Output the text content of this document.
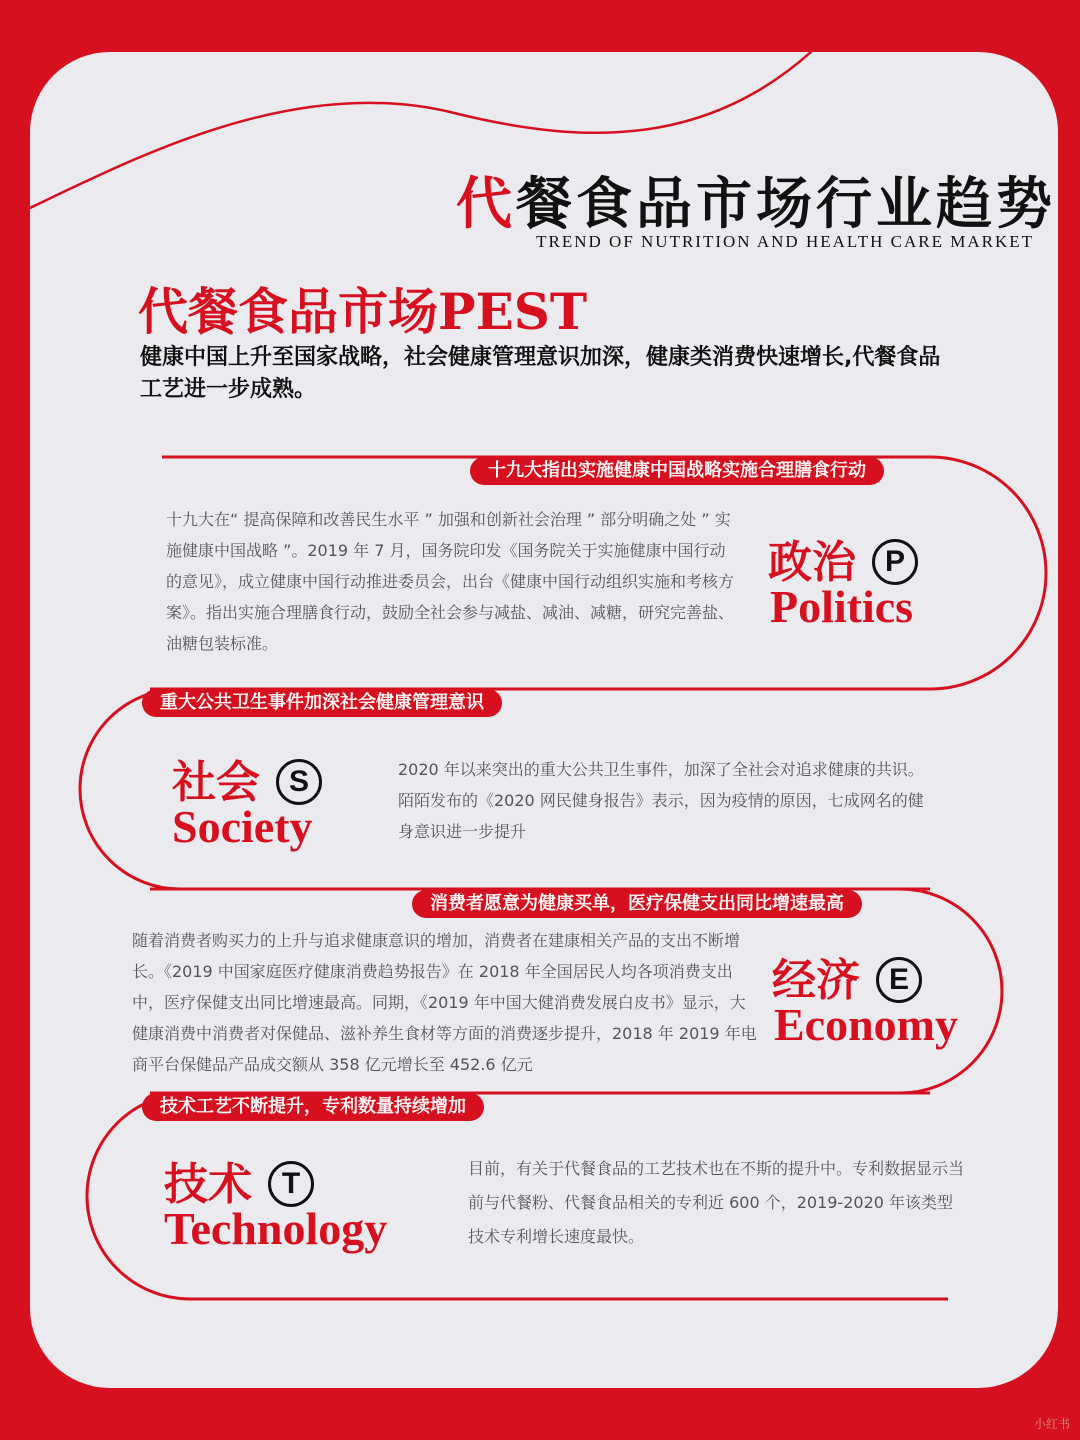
代餐食品市场行业趋势
TREND OF NUTRITION AND HEALTH CARE MARKET
代餐食品市场PEST
健康中国上升至国家战略，社会健康管理意识加深，健康类消费快速增长,代餐食品工艺进一步成熟。
十九大指出实施健康中国战略实施合理膳食行动
十九大在“ 提高保障和改善民生水平 ” 加强和创新社会治理 ” 部分明确之处 ” 实施健康中国战略 ”。2019 年 7 月，国务院印发《国务院关于实施健康中国行动的意见》，成立健康中国行动推进委员会，出台《健康中国行动组织实施和考核方案》。指出实施合理膳食行动，鼓励全社会参与减盐、减油、减糖，研究完善盐、油糖包装标准。
政治 P
Politics
重大公共卫生事件加深社会健康管理意识
社会 S
Society
2020 年以来突出的重大公共卫生事件，加深了全社会对追求健康的共识。陌陌发布的《2020 网民健身报告》表示，因为疫情的原因，七成网名的健身意识进一步提升
消费者愿意为健康买单，医疗保健支出同比增速最高
随着消费者购买力的上升与追求健康意识的增加，消费者在建康相关产品的支出不断增长。《2019 中国家庭医疗健康消费趋势报告》在 2018 年全国居民人均各项消费支出中，医疗保健支出同比增速最高。同期，《2019 年中国大健消费发展白皮书》显示，大健康消费中消费者对保健品、滋补养生食材等方面的消费逐步提升，2018 年 2019 年电商平台保健品产品成交额从 358 亿元增长至 452.6 亿元
经济 E
Economy
技术工艺不断提升，专利数量持续增加
技术 T
Technology
目前，有关于代餐食品的工艺技术也在不斯的提升中。专利数据显示当前与代餐粉、代餐食品相关的专利近 600 个，2019-2020 年该类型技术专利增长速度最快。
小红书
